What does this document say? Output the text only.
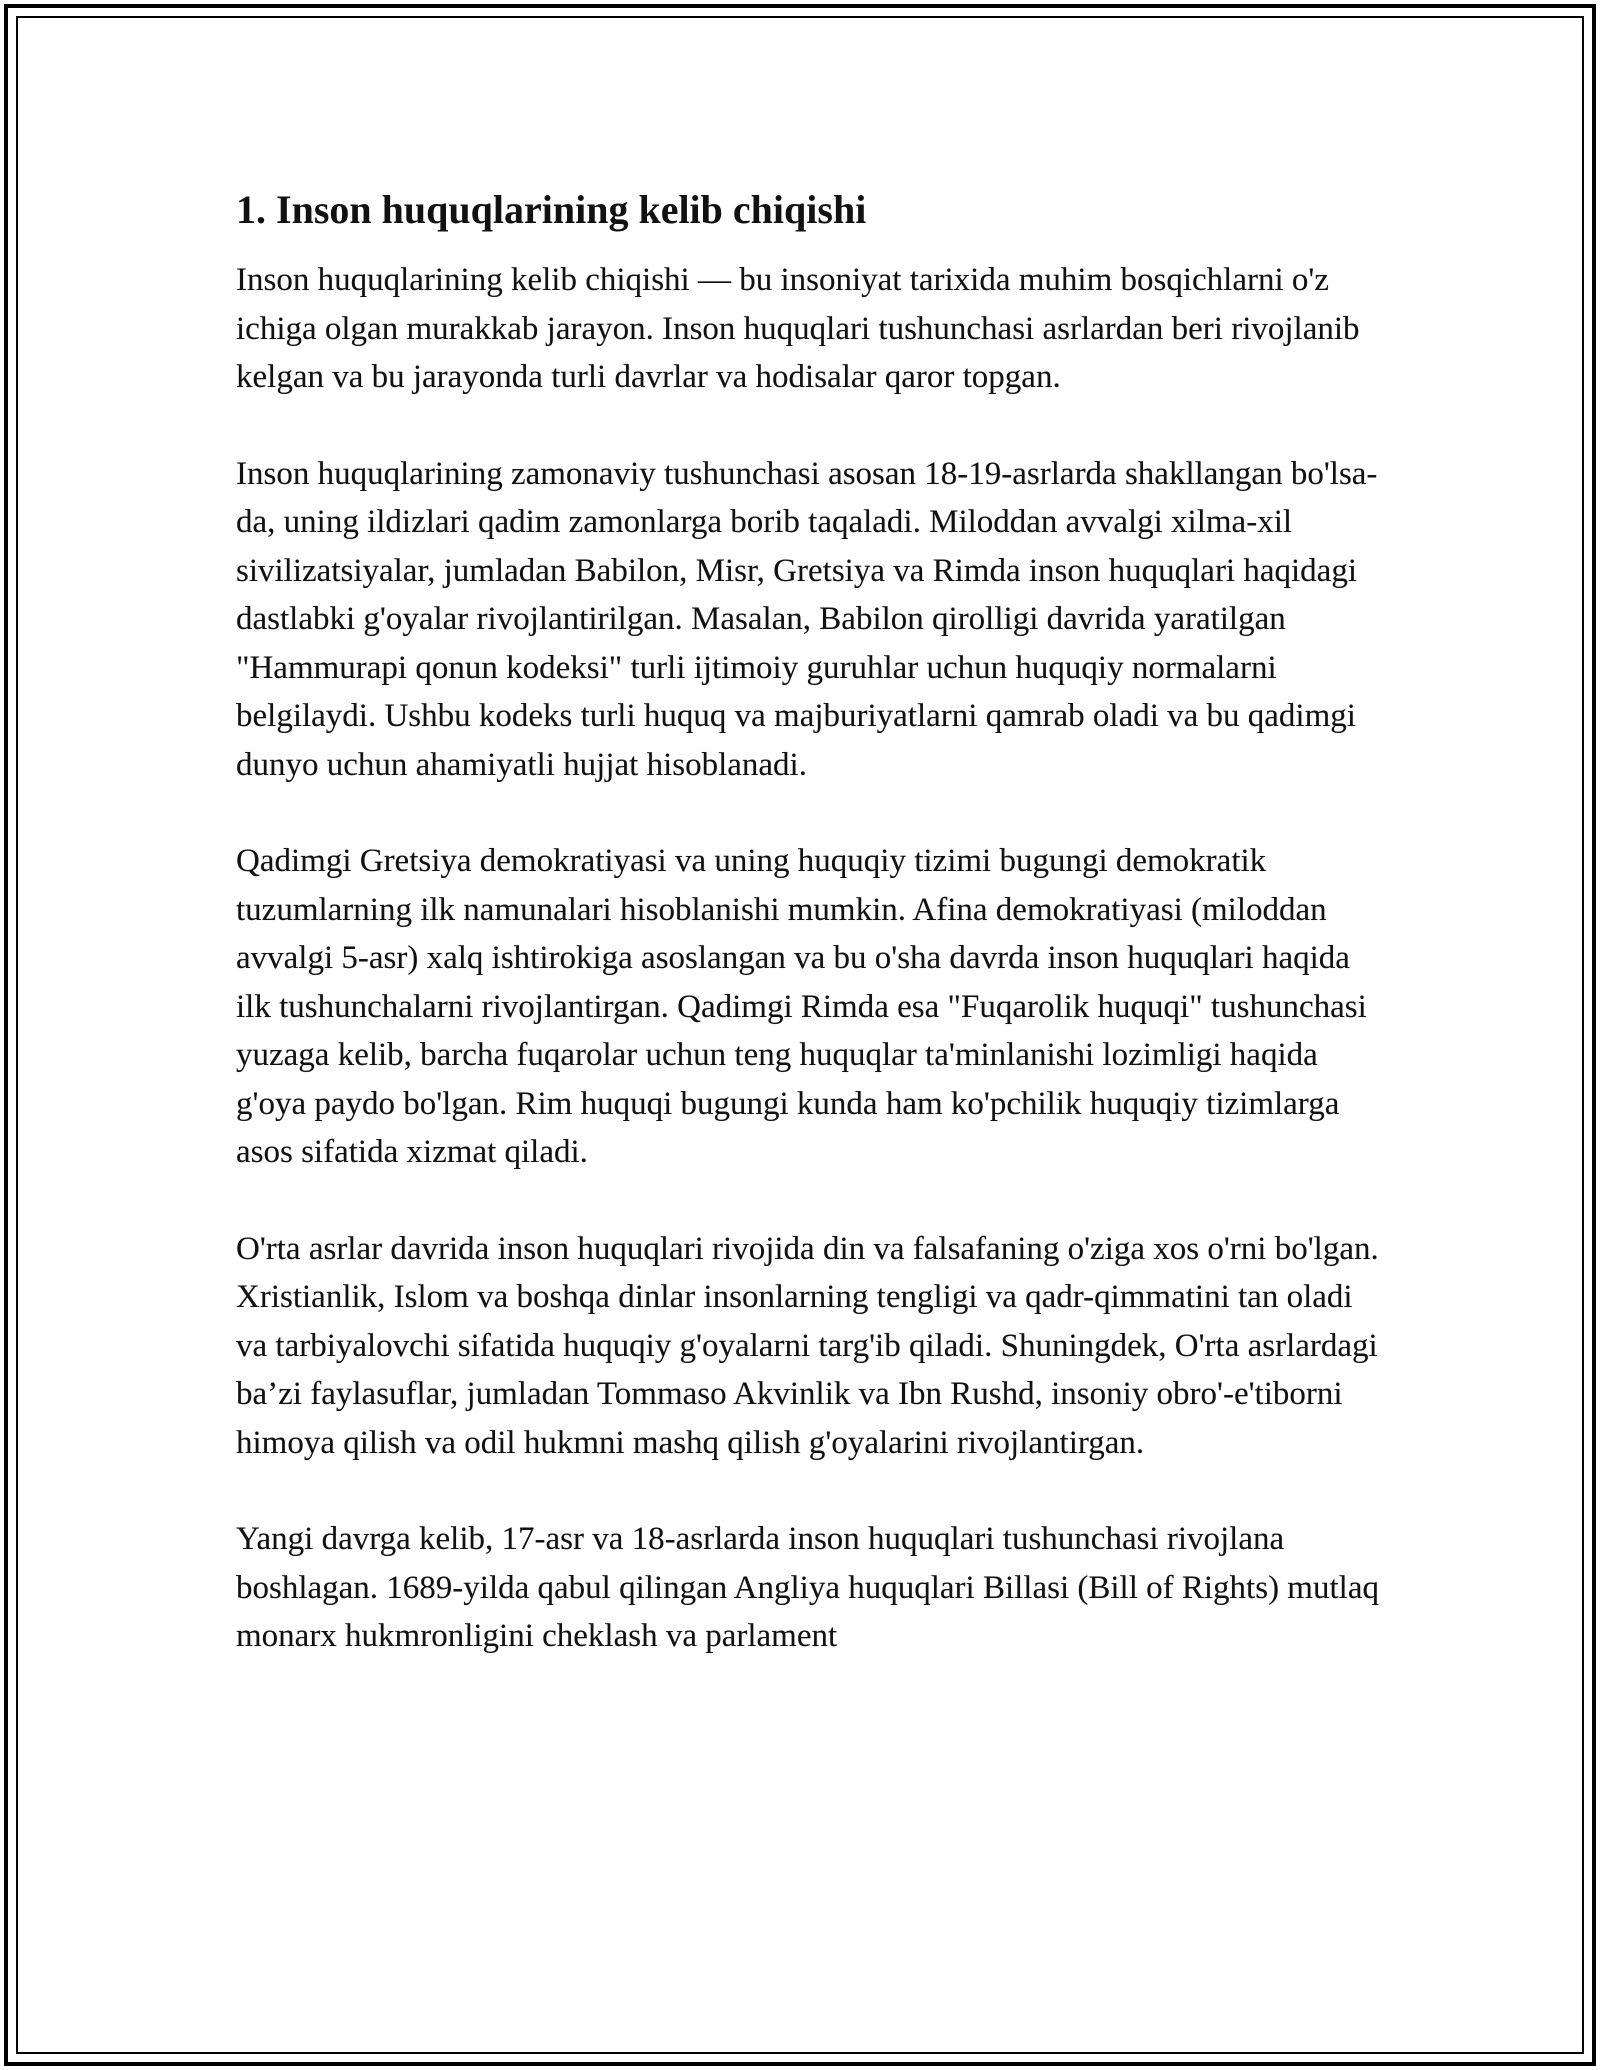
1. Inson huquqlarining kelib chiqishi

Inson huquqlarining kelib chiqishi — bu insoniyat tarixida muhim bosqichlarni o'z ichiga olgan murakkab jarayon. Inson huquqlari tushunchasi asrlardan beri rivojlanib kelgan va bu jarayonda turli davrlar va hodisalar qaror topgan.

Inson huquqlarining zamonaviy tushunchasi asosan 18-19-asrlarda shakllangan bo'lsa-da, uning ildizlari qadim zamonlarga borib taqaladi. Miloddan avvalgi xilma-xil sivilizatsiyalar, jumladan Babilon, Misr, Gretsiya va Rimda inson huquqlari haqidagi dastlabki g'oyalar rivojlantirilgan. Masalan, Babilon qirolligi davrida yaratilgan "Hammurapi qonun kodeksi" turli ijtimoiy guruhlar uchun huquqiy normalarni belgilaydi. Ushbu kodeks turli huquq va majburiyatlarni qamrab oladi va bu qadimgi dunyo uchun ahamiyatli hujjat hisoblanadi.

Qadimgi Gretsiya demokratiyasi va uning huquqiy tizimi bugungi demokratik tuzumlarning ilk namunalari hisoblanishi mumkin. Afina demokratiyasi (miloddan avvalgi 5-asr) xalq ishtirokiga asoslangan va bu o'sha davrda inson huquqlari haqida ilk tushunchalarni rivojlantirgan. Qadimgi Rimda esa "Fuqarolik huquqi" tushunchasi yuzaga kelib, barcha fuqarolar uchun teng huquqlar ta'minlanishi lozimligi haqida g'oya paydo bo'lgan. Rim huquqi bugungi kunda ham ko'pchilik huquqiy tizimlarga asos sifatida xizmat qiladi.

O'rta asrlar davrida inson huquqlari rivojida din va falsafaning o'ziga xos o'rni bo'lgan. Xristianlik, Islom va boshqa dinlar insonlarning tengligi va qadr-qimmatini tan oladi va tarbiyalovchi sifatida huquqiy g'oyalarni targ'ib qiladi. Shuningdek, O'rta asrlardagi ba’zi faylasuflar, jumladan Tommaso Akvinlik va Ibn Rushd, insoniy obro'-e'tiborni himoya qilish va odil hukmni mashq qilish g'oyalarini rivojlantirgan.

Yangi davrga kelib, 17-asr va 18-asrlarda inson huquqlari tushunchasi rivojlana boshlagan. 1689-yilda qabul qilingan Angliya huquqlari Billasi (Bill of Rights) mutlaq monarx hukmronligini cheklash va parlament
